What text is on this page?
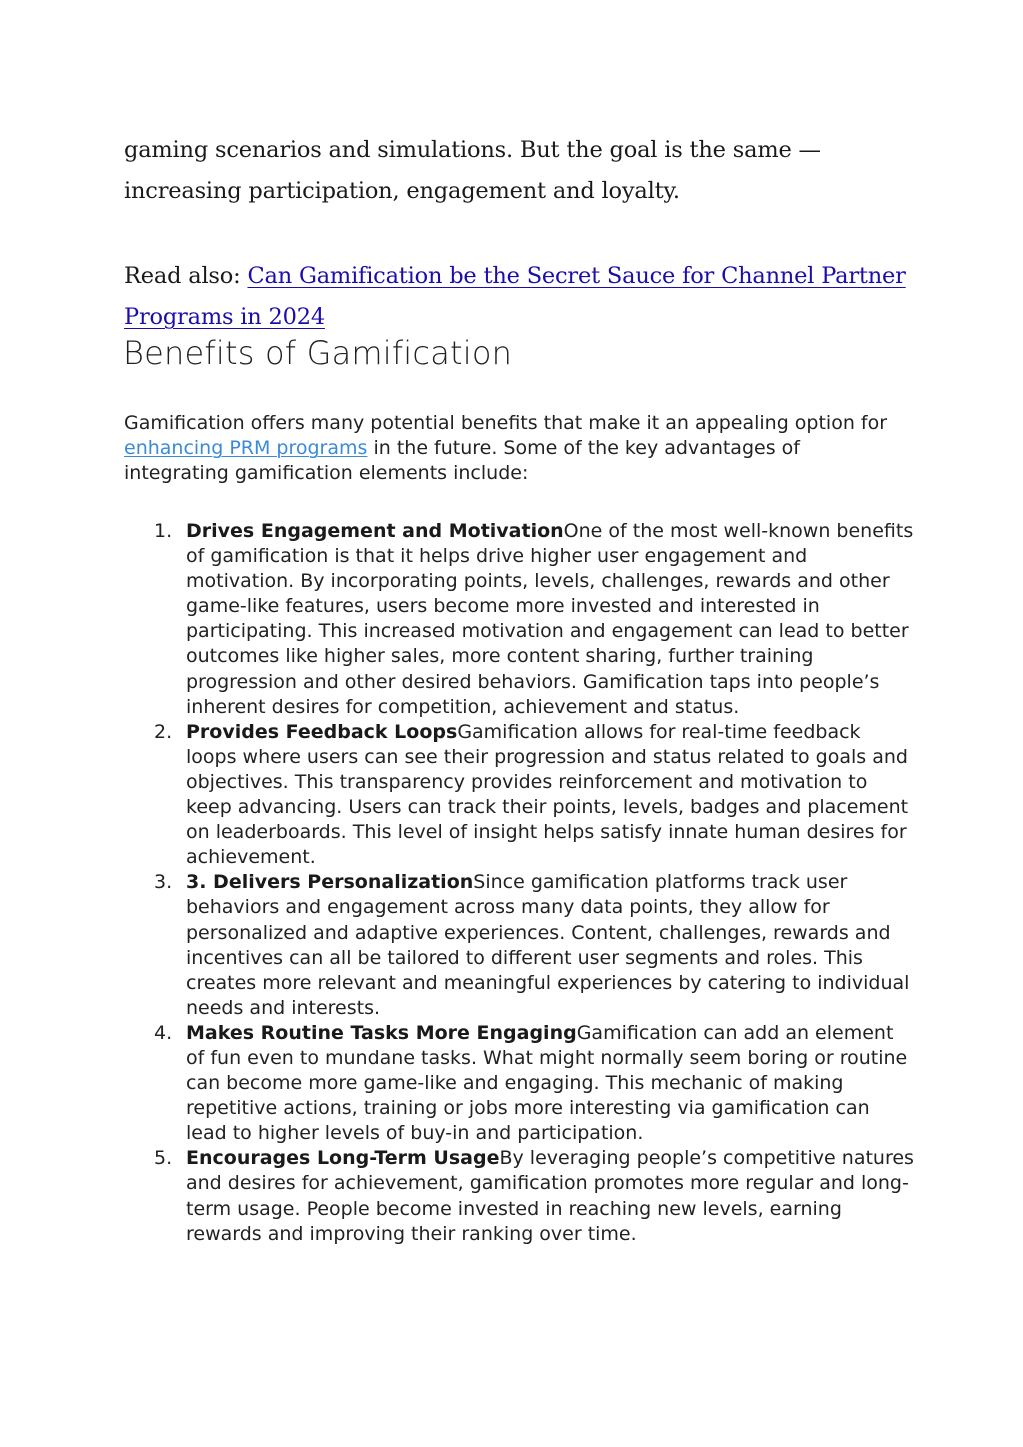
gaming scenarios and simulations. But the goal is the same — increasing participation, engagement and loyalty.

Read also: Can Gamification be the Secret Sauce for Channel Partner Programs in 2024

Benefits of Gamification

Gamification offers many potential benefits that make it an appealing option for enhancing PRM programs in the future. Some of the key advantages of integrating gamification elements include:

1. Drives Engagement and MotivationOne of the most well-known benefits of gamification is that it helps drive higher user engagement and motivation. By incorporating points, levels, challenges, rewards and other game-like features, users become more invested and interested in participating. This increased motivation and engagement can lead to better outcomes like higher sales, more content sharing, further training progression and other desired behaviors. Gamification taps into people’s inherent desires for competition, achievement and status.
2. Provides Feedback LoopsGamification allows for real-time feedback loops where users can see their progression and status related to goals and objectives. This transparency provides reinforcement and motivation to keep advancing. Users can track their points, levels, badges and placement on leaderboards. This level of insight helps satisfy innate human desires for achievement.
3. 3. Delivers PersonalizationSince gamification platforms track user behaviors and engagement across many data points, they allow for personalized and adaptive experiences. Content, challenges, rewards and incentives can all be tailored to different user segments and roles. This creates more relevant and meaningful experiences by catering to individual needs and interests.
4. Makes Routine Tasks More EngagingGamification can add an element of fun even to mundane tasks. What might normally seem boring or routine can become more game-like and engaging. This mechanic of making repetitive actions, training or jobs more interesting via gamification can lead to higher levels of buy-in and participation.
5. Encourages Long-Term UsageBy leveraging people’s competitive natures and desires for achievement, gamification promotes more regular and long-term usage. People become invested in reaching new levels, earning rewards and improving their ranking over time.
